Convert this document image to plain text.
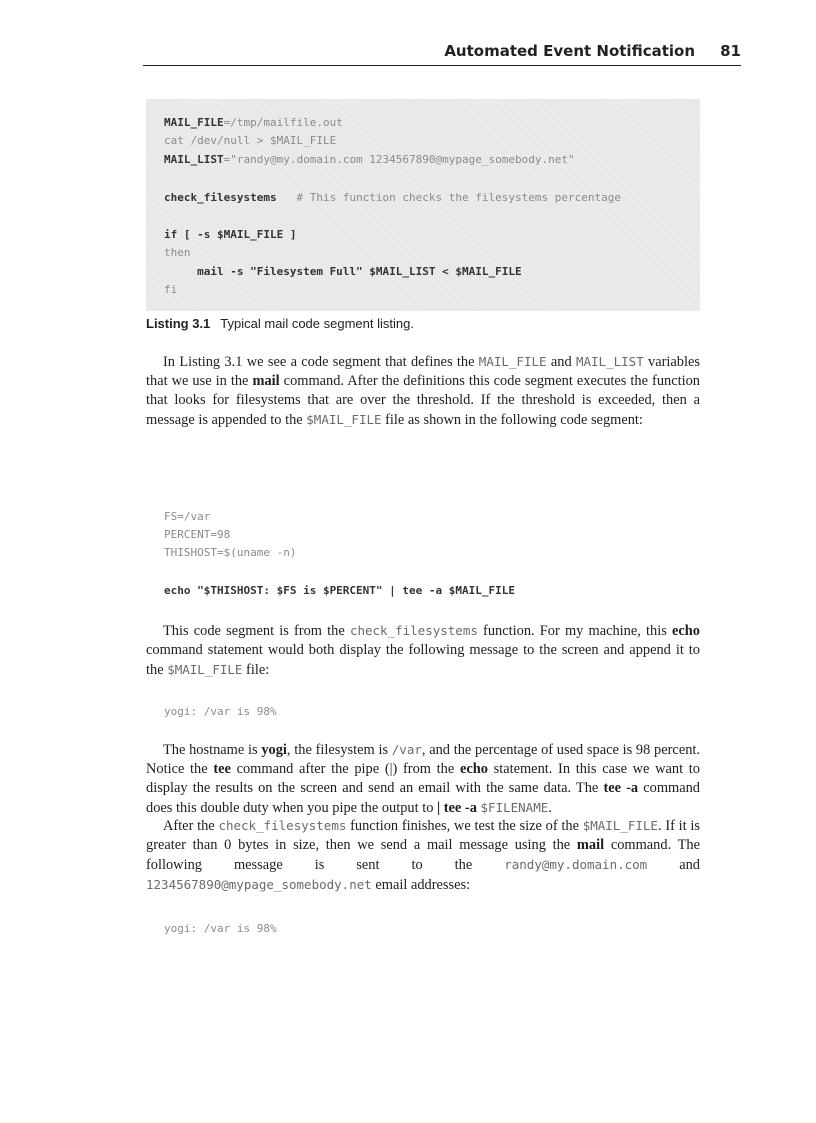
Automated Event Notification 81
MAIL_FILE=/tmp/mailfile.out
cat /dev/null > $MAIL_FILE
MAIL_LIST="randy@my.domain.com 1234567890@mypage_somebody.net"
check_filesystems   # This function checks the filesystems percentage
if [ -s $MAIL_FILE ]
then
mail -s "Filesystem Full" $MAIL_LIST < $MAIL_FILE
fi
Listing 3.1 Typical mail code segment listing.

In Listing 3.1 we see a code segment that defines the MAIL_FILE and MAIL_LIST variables that we use in the mail command. After the definitions this code segment executes the function that looks for filesystems that are over the threshold. If the threshold is exceeded, then a message is appended to the $MAIL_FILE file as shown in the following code segment:

FS=/var
PERCENT=98
THISHOST=$(uname -n)
echo "$THISHOST: $FS is $PERCENT" | tee -a $MAIL_FILE

This code segment is from the check_filesystems function. For my machine, this echo command statement would both display the following message to the screen and append it to the $MAIL_FILE file:

yogi: /var is 98%

The hostname is yogi, the filesystem is /var, and the percentage of used space is 98 percent. Notice the tee command after the pipe (|) from the echo statement. In this case we want to display the results on the screen and send an email with the same data. The tee -a command does this double duty when you pipe the output to | tee -a $FILENAME.

After the check_filesystems function finishes, we test the size of the $MAIL_FILE. If it is greater than 0 bytes in size, then we send a mail message using the mail command. The following message is sent to the randy@my.domain.com and 1234567890@mypage_somebody.net email addresses:

yogi: /var is 98%
